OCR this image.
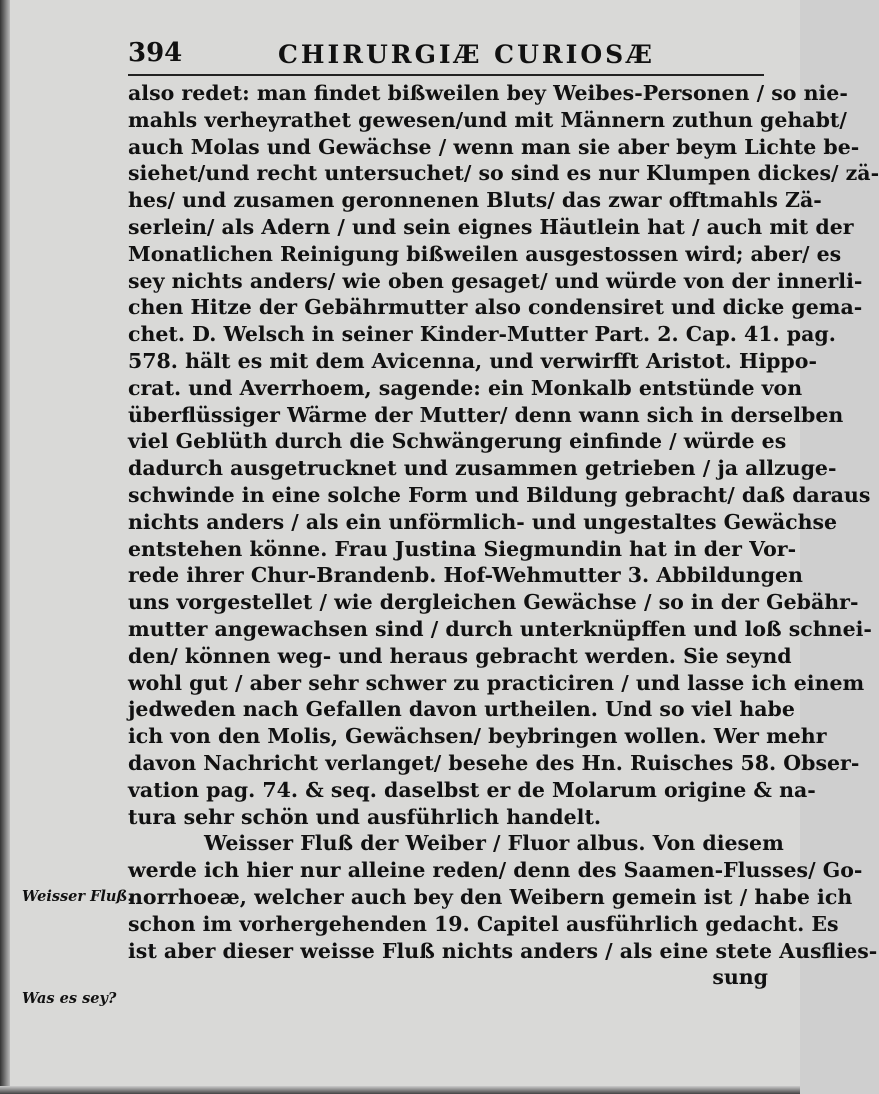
394	CHIRURGIÆ CURIOSÆ
also redet: man findet bißweilen bey Weibes-Personen / so nie-
mahls verheyrathet gewesen/und mit Männern zuthun gehabt/
auch Molas und Gewächse / wenn man sie aber beym Lichte be-
siehet/und recht untersuchet/ so sind es nur Klumpen dickes/ zä-
hes/ und zusamen geronnenen Bluts/ das zwar offtmahls Zä-
serlein/ als Adern / und sein eignes Häutlein hat / auch mit der
Monatlichen Reinigung bißweilen ausgestossen wird; aber/ es
sey nichts anders/ wie oben gesaget/ und würde von der innerli-
chen Hitze der Gebährmutter also condensiret und dicke gema-
chet. D. Welsch in seiner Kinder-Mutter Part. 2. Cap. 41. pag.
578. hält es mit dem Avicenna, und verwirfft Aristot. Hippo-
crat. und Averrhoem, sagende: ein Monkalb entstünde von
überflüssiger Wärme der Mutter/ denn wann sich in derselben
viel Geblüth durch die Schwängerung einfinde / würde es
dadurch ausgetrucknet und zusammen getrieben / ja allzuge-
schwinde in eine solche Form und Bildung gebracht/ daß daraus
nichts anders / als ein unförmlich- und ungestaltes Gewächse
entstehen könne. Frau Justina Siegmundin hat in der Vor-
rede ihrer Chur-Brandenb. Hof-Wehmutter 3. Abbildungen
uns vorgestellet / wie dergleichen Gewächse / so in der Gebähr-
mutter angewachsen sind / durch unterknüpffen und loß schnei-
den/ können weg- und heraus gebracht werden. Sie seynd
wohl gut / aber sehr schwer zu practiciren / und lasse ich einem
jedweden nach Gefallen davon urtheilen. Und so viel habe
ich von den Molis, Gewächsen/ beybringen wollen. Wer mehr
davon Nachricht verlanget/ besehe des Hn. Ruisches 58. Obser-
vation pag. 74. & seq. daselbst er de Molarum origine & na-
tura sehr schön und ausführlich handelt.
Weisser Fluß der Weiber / Fluor albus. Von diesem
werde ich hier nur alleine reden/ denn des Saamen-Flusses/ Go-
norrhoeæ, welcher auch bey den Weibern gemein ist / habe ich
schon im vorhergehenden 19. Capitel ausführlich gedacht. Es
ist aber dieser weisse Fluß nichts anders / als eine stete Ausflies-
sung
Weisser Fluß.
Was es sey?
